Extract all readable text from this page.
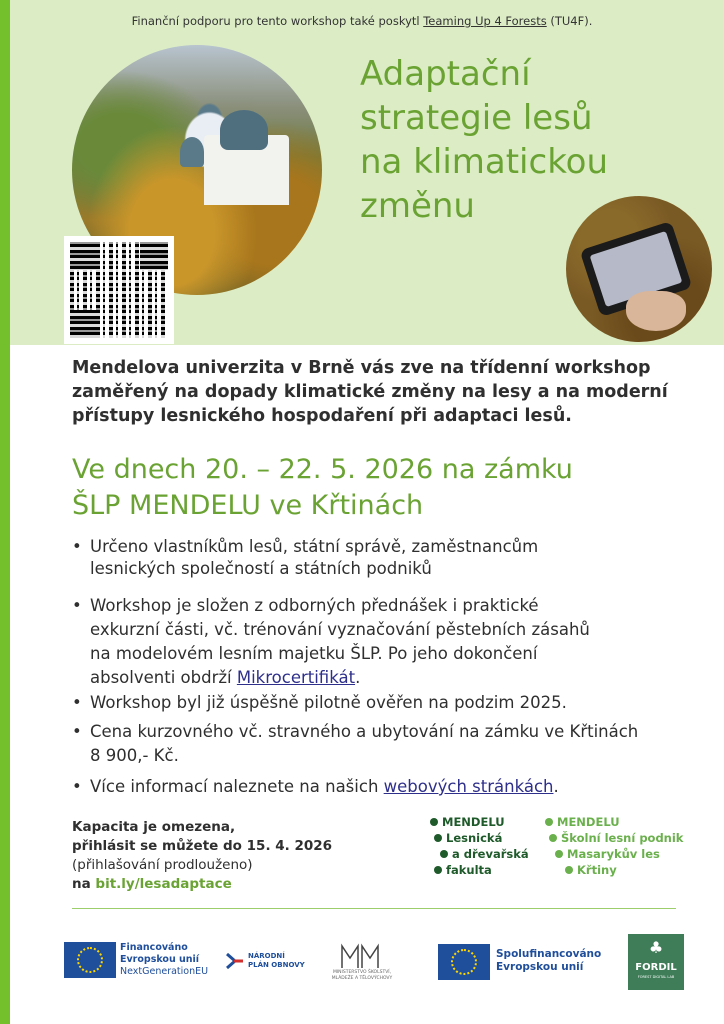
Finanční podporu pro tento workshop také poskytl Teaming Up 4 Forests (TU4F).
Adaptační
strategie lesů
na klimatickou
změnu

Mendelova univerzita v Brně vás zve na třídenní workshop zaměřený na dopady klimatické změny na lesy a na moderní přístupy lesnického hospodaření při adaptaci lesů.

Ve dnech 20. – 22. 5. 2026 na zámku
ŠLP MENDELU ve Křtinách
• Určeno vlastníkům lesů, státní správě, zaměstnancům
lesnických společností a státních podniků
• Workshop je složen z odborných přednášek i praktické
exkurzní části, vč. trénování vyznačování pěstebních zásahů
na modelovém lesním majetku ŠLP. Po jeho dokončení
absolventi obdrží Mikrocertifikát.
• Workshop byl již úspěšně pilotně ověřen na podzim 2025.
• Cena kurzovného vč. stravného a ubytování na zámku ve Křtinách
8 900,- Kč.
• Více informací naleznete na našich webových stránkách.
Kapacita je omezena,
přihlásit se můžete do 15. 4. 2026
(přihlašování prodlouženo)
na bit.ly/lesadaptace
MENDELU
Lesnická
a dřevařská
fakulta
MENDELU
Školní lesní podnik
Masarykův les
Křtiny
Financováno
Evropskou unií
NextGenerationEU
NÁRODNÍ
PLÁN OBNOVY
MINISTERSTVO ŠKOLSTVÍ,
MLÁDEŽE A TĚLOVÝCHOVY
Spolufinancováno
Evropskou unií
♣
FORDIL
FOREST DIGITAL LAB
